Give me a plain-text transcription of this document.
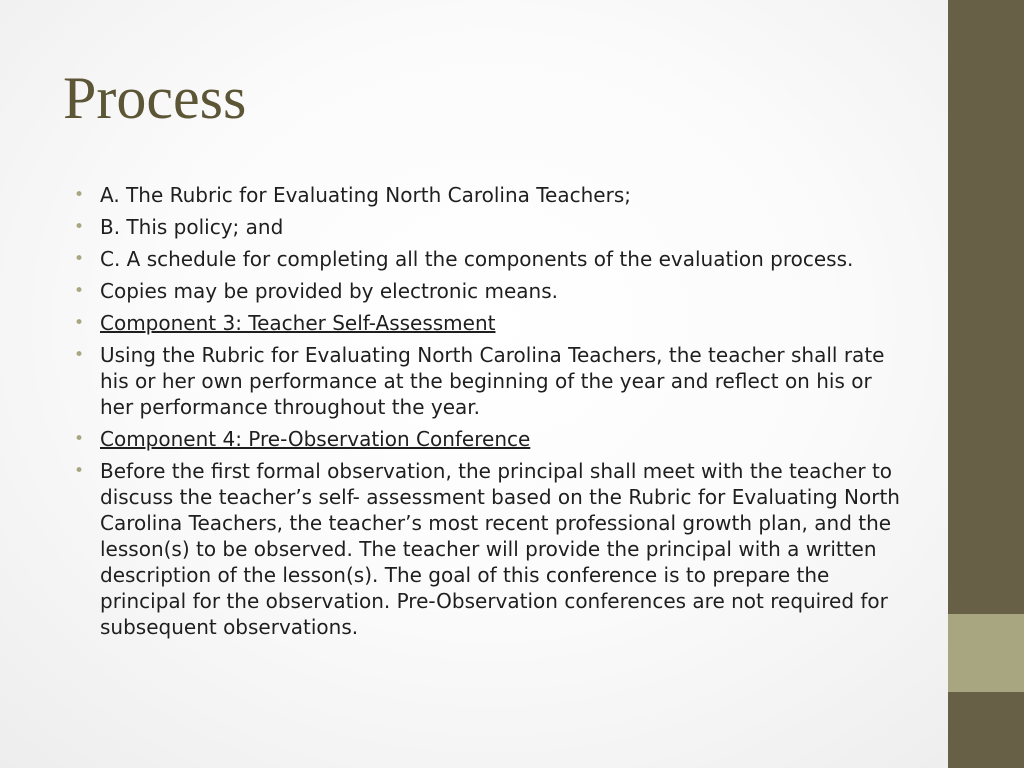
Process
• A. The Rubric for Evaluating North Carolina Teachers;
• B. This policy; and
• C. A schedule for completing all the components of the evaluation process.
• Copies may be provided by electronic means.
• Component 3: Teacher Self-Assessment
• Using the Rubric for Evaluating North Carolina Teachers, the teacher shall rate his or her own performance at the beginning of the year and reflect on his or her performance throughout the year.
• Component 4: Pre-Observation Conference
• Before the first formal observation, the principal shall meet with the teacher to discuss the teacher’s self- assessment based on the Rubric for Evaluating North Carolina Teachers, the teacher’s most recent professional growth plan, and the lesson(s) to be observed. The teacher will provide the principal with a written description of the lesson(s). The goal of this conference is to prepare the principal for the observation. Pre-Observation conferences are not required for subsequent observations.
